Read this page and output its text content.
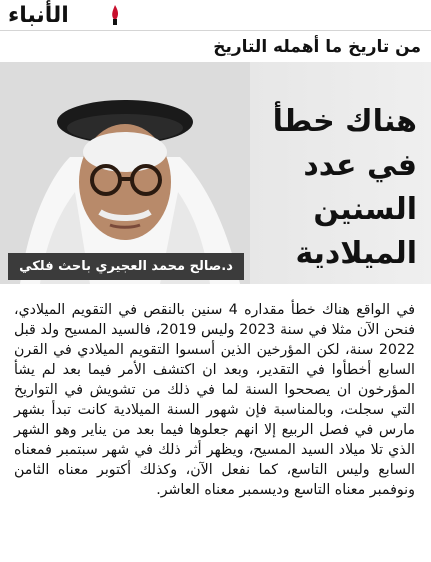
الأنباء
من تاريخ ما أهمله التاريخ
هناك خطأ
في عدد السنين
الميلادية
د.صالح محمد العجيري باحث فلكي

في الواقع هناك خطأ مقداره 4 سنين بالنقص في التقويم الميلادي، فنحن الآن مثلا في سنة 2023 وليس 2019، فالسيد المسيح ولد قبل 2022 سنة، لكن المؤرخين الذين أسسوا التقويم الميلادي في القرن السابع أخطأوا في التقدير، وبعد ان اكتشف الأمر فيما بعد لم يشأ المؤرخون ان يصححوا السنة لما في ذلك من تشويش في التواريخ التي سجلت، وبالمناسبة فإن شهور السنة الميلادية كانت تبدأ بشهر مارس في فصل الربيع إلا انهم جعلوها فيما بعد من يناير وهو الشهر الذي تلا ميلاد السيد المسيح، ويظهر أثر ذلك في شهر سبتمبر فمعناه السابع وليس التاسع، كما نفعل الآن، وكذلك أكتوبر معناه الثامن ونوفمبر معناه التاسع وديسمبر معناه العاشر.
